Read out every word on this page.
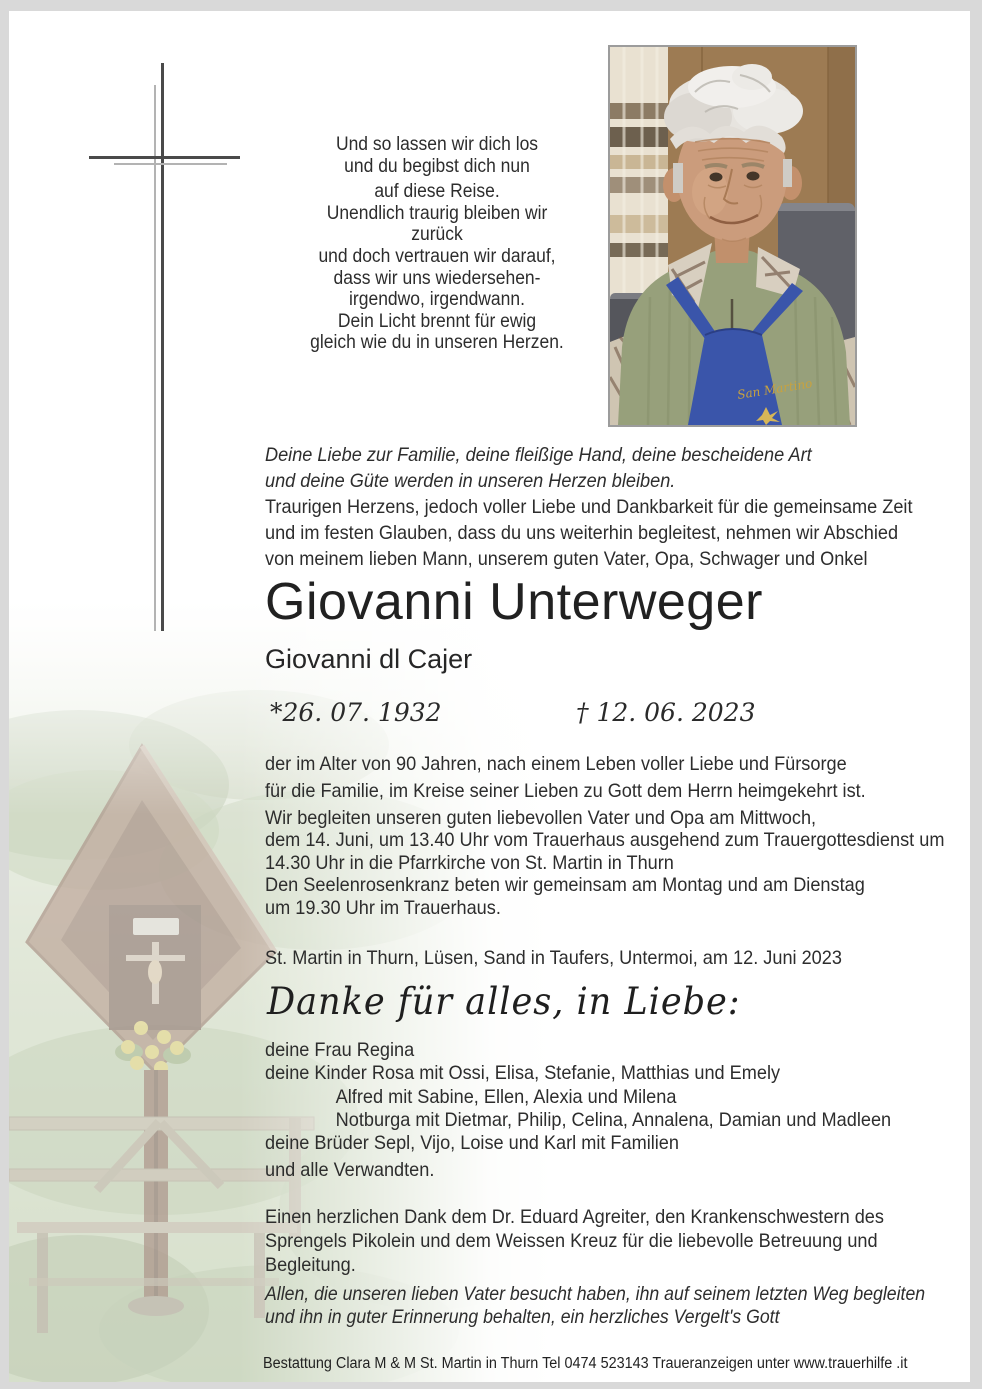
Und so lassen wir dich los
und du begibst dich nun
auf diese Reise.
Unendlich traurig bleiben wir
zurück
und doch vertrauen wir darauf,
dass wir uns wiedersehen-
irgendwo, irgendwann.
Dein Licht brennt für ewig
gleich wie du in unseren Herzen.
San Martino
Deine Liebe zur Familie, deine fleißige Hand, deine bescheidene Art
und deine Güte werden in unseren Herzen bleiben.
Traurigen Herzens, jedoch voller Liebe und Dankbarkeit für die gemeinsame Zeit
und im festen Glauben, dass du uns weiterhin begleitest, nehmen wir Abschied
von meinem lieben Mann, unserem guten Vater, Opa, Schwager und Onkel
Giovanni Unterweger
Giovanni dl Cajer
*26. 07. 1932	† 12. 06. 2023
der im Alter von 90 Jahren, nach einem Leben voller Liebe und Fürsorge
für die Familie, im Kreise seiner Lieben zu Gott dem Herrn heimgekehrt ist.
Wir begleiten unseren guten liebevollen Vater und Opa am Mittwoch,
dem 14. Juni, um 13.40 Uhr vom Trauerhaus ausgehend zum Trauergottesdienst um
14.30 Uhr in die Pfarrkirche von St. Martin in Thurn
Den Seelenrosenkranz beten wir gemeinsam am Montag und am Dienstag
um 19.30 Uhr im Trauerhaus.
St. Martin in Thurn, Lüsen, Sand in Taufers, Untermoi, am 12. Juni 2023
Danke für alles, in Liebe:
deine Frau Regina
deine Kinder Rosa mit Ossi, Elisa, Stefanie, Matthias und Emely
Alfred mit Sabine, Ellen, Alexia und Milena
Notburga mit Dietmar, Philip, Celina, Annalena, Damian und Madleen
deine Brüder Sepl, Vijo, Loise und Karl mit Familien
und alle Verwandten.
Einen herzlichen Dank dem Dr. Eduard Agreiter, den Krankenschwestern des
Sprengels Pikolein und dem Weissen Kreuz für die liebevolle Betreuung und
Begleitung.
Allen, die unseren lieben Vater besucht haben, ihn auf seinem letzten Weg begleiten
und ihn in guter Erinnerung behalten, ein herzliches Vergelt's Gott
Bestattung Clara M & M St. Martin in Thurn Tel 0474 523143 Traueranzeigen unter www.trauerhilfe .it
